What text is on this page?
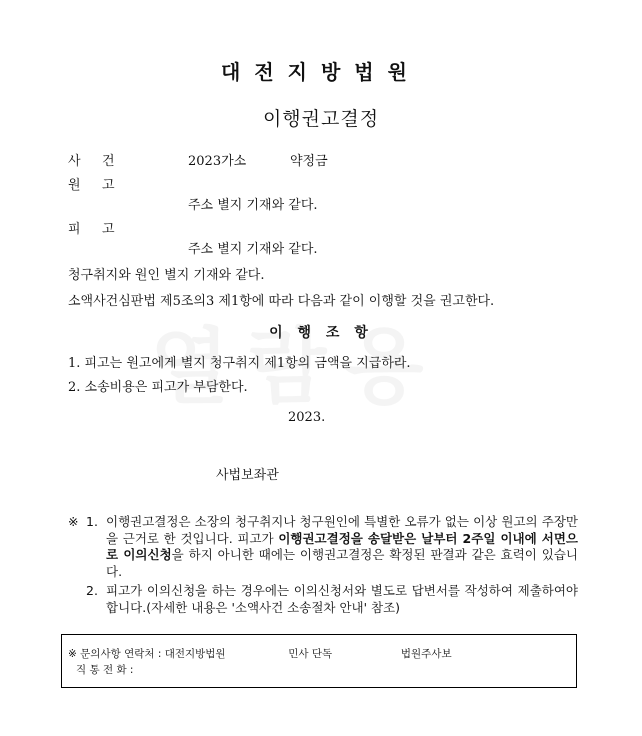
대전지방법원
이행권고결정
사 건	2023가소	약정금
원 고
주소 별지 기재와 같다.
피 고
주소 별지 기재와 같다.
청구취지와 원인 별지 기재와 같다.
소액사건심판법 제5조의3 제1항에 따라 다음과 같이 이행할 것을 권고한다.
이 행 조 항
1. 피고는 원고에게 별지 청구취지 제1항의 금액을 지급하라.
2. 소송비용은 피고가 부담한다.
2023.
사법보좌관
※ 1. 이행권고결정은 소장의 청구취지나 청구원인에 특별한 오류가 없는 이상 원고의 주장만을 근거로 한 것입니다. 피고가 이행권고결정을 송달받은 날부터 2주일 이내에 서면으로 이의신청을 하지 아니한 때에는 이행권고결정은 확정된 판결과 같은 효력이 있습니다.
2. 피고가 이의신청을 하는 경우에는 이의신청서와 별도로 답변서를 작성하여 제출하여야 합니다.(자세한 내용은 '소액사건 소송절차 안내' 참조)
※ 문의사항 연락처 : 대전지방법원	민사 단독	법원주사보
직 통 전 화 :
